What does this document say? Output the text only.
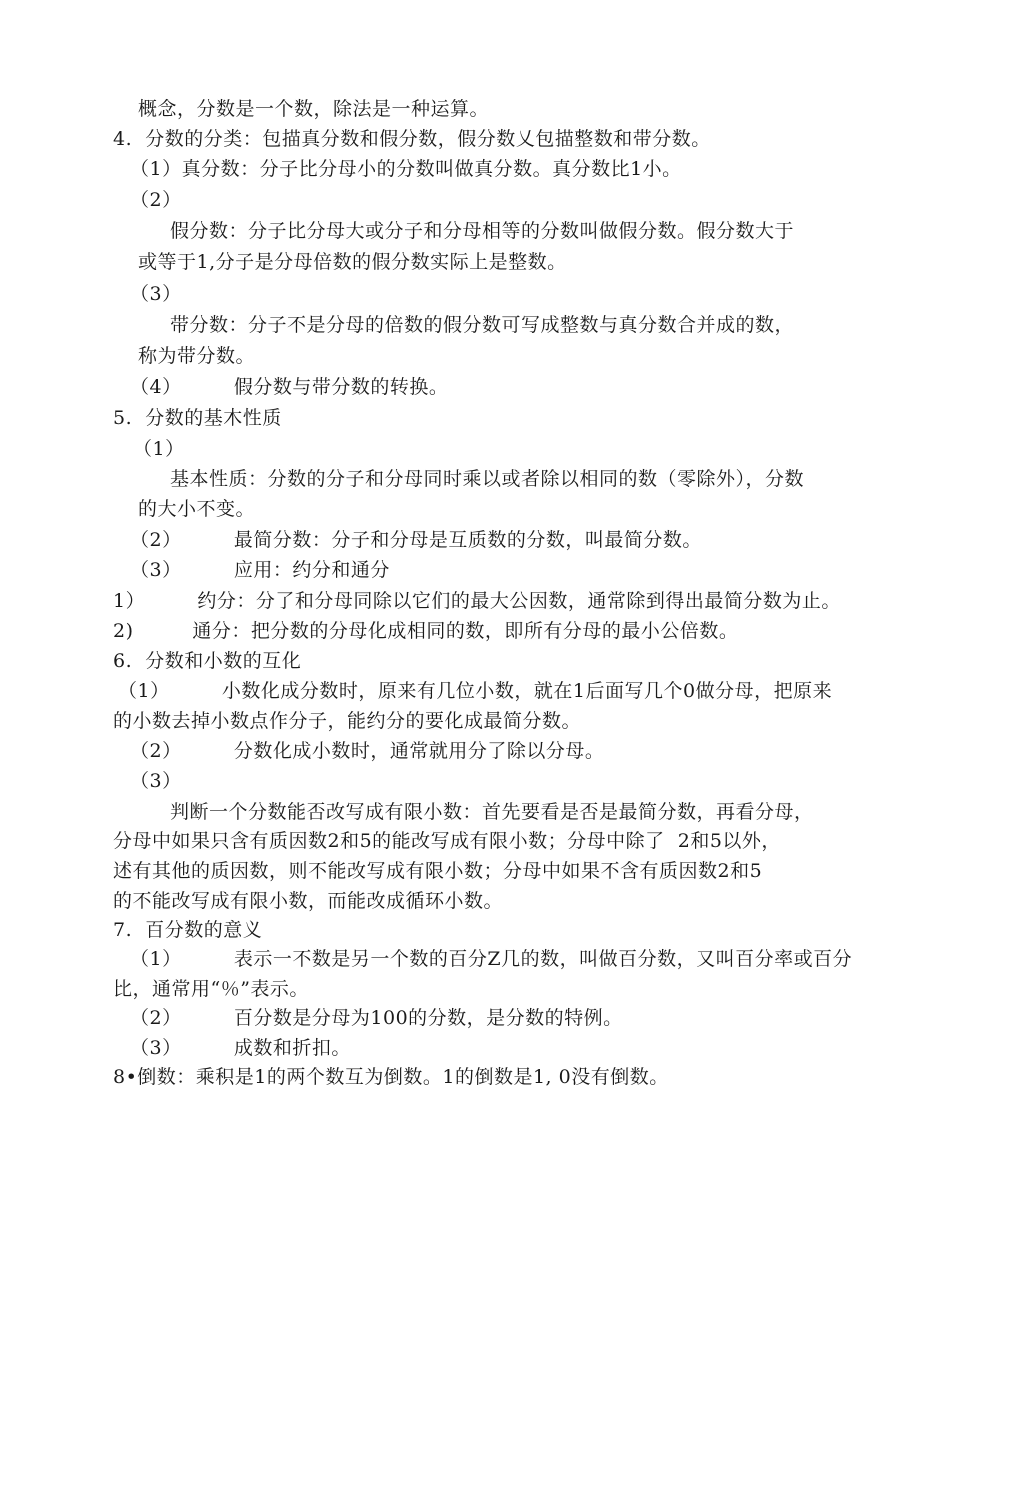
概念，分数是一个数，除法是一种运算。
4.  分数的分类：包描真分数和假分数，假分数乂包描整数和带分数。
（1）真分数：分子比分母小的分数叫做真分数。真分数比1小。
（2）
假分数：分子比分母大或分子和分母相等的分数叫做假分数。假分数大于
或等于1,分子是分母倍数的假分数实际上是整数。
（3）
带分数：分子不是分母的倍数的假分数可写成整数与真分数合并成的数，
称为带分数。
（4）        假分数与带分数的转换。
5.  分数的基木性质
（1）
基本性质：分数的分子和分母同时乘以或者除以相同的数（零除外），分数
的大小不变。
（2）        最简分数：分子和分母是互质数的分数，叫最简分数。
（3）        应用：约分和通分
1）        约分：分了和分母同除以它们的最大公因数，通常除到得出最简分数为止。
2)         通分：把分数的分母化成相同的数，即所有分母的最小公倍数。
6.  分数和小数的互化
（1）        小数化成分数时，原来有几位小数，就在1后面写几个0做分母，把原来
的小数去掉小数点作分子，能约分的要化成最简分数。
（2）        分数化成小数时，通常就用分了除以分母。
（3）
判断一个分数能否改写成有限小数：首先要看是否是最简分数，再看分母，
分母中如果只含有质因数2和5的能改写成有限小数；分母中除了  2和5以外，
述有其他的质因数，则不能改写成有限小数；分母中如果不含有质因数2和5
的不能改写成有限小数，而能改成循环小数。
7.  百分数的意义
（1）        表示一不数是另一个数的百分Z几的数，叫做百分数，又叫百分率或百分
比，通常用“％”表示。
（2）        百分数是分母为100的分数，是分数的特例。
（3）        成数和折扣。
8•倒数：乘积是1的两个数互为倒数。1的倒数是1, 0没有倒数。
